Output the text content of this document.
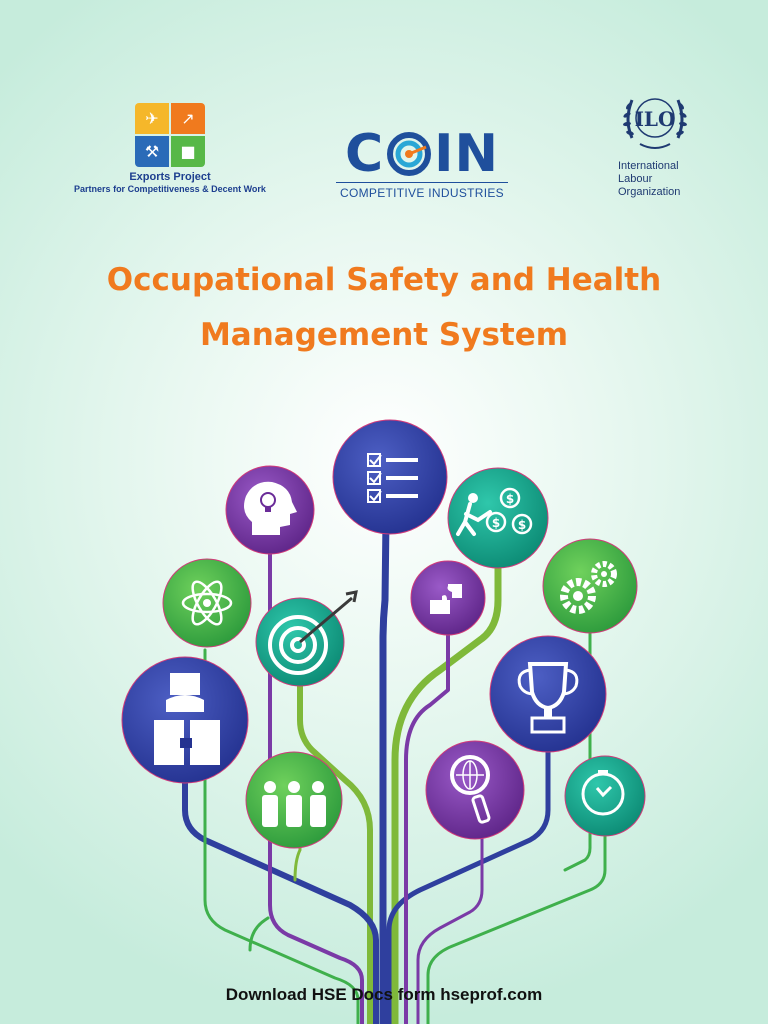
✈	↗
⚒	■
Exports Project
Partners for Competitiveness & Decent Work
C IN
COMPETITIVE INDUSTRIES
ILO
International
Labour
Organization
Occupational Safety and Health
Management System
$
$ $
Download HSE Docs form hseprof.com
